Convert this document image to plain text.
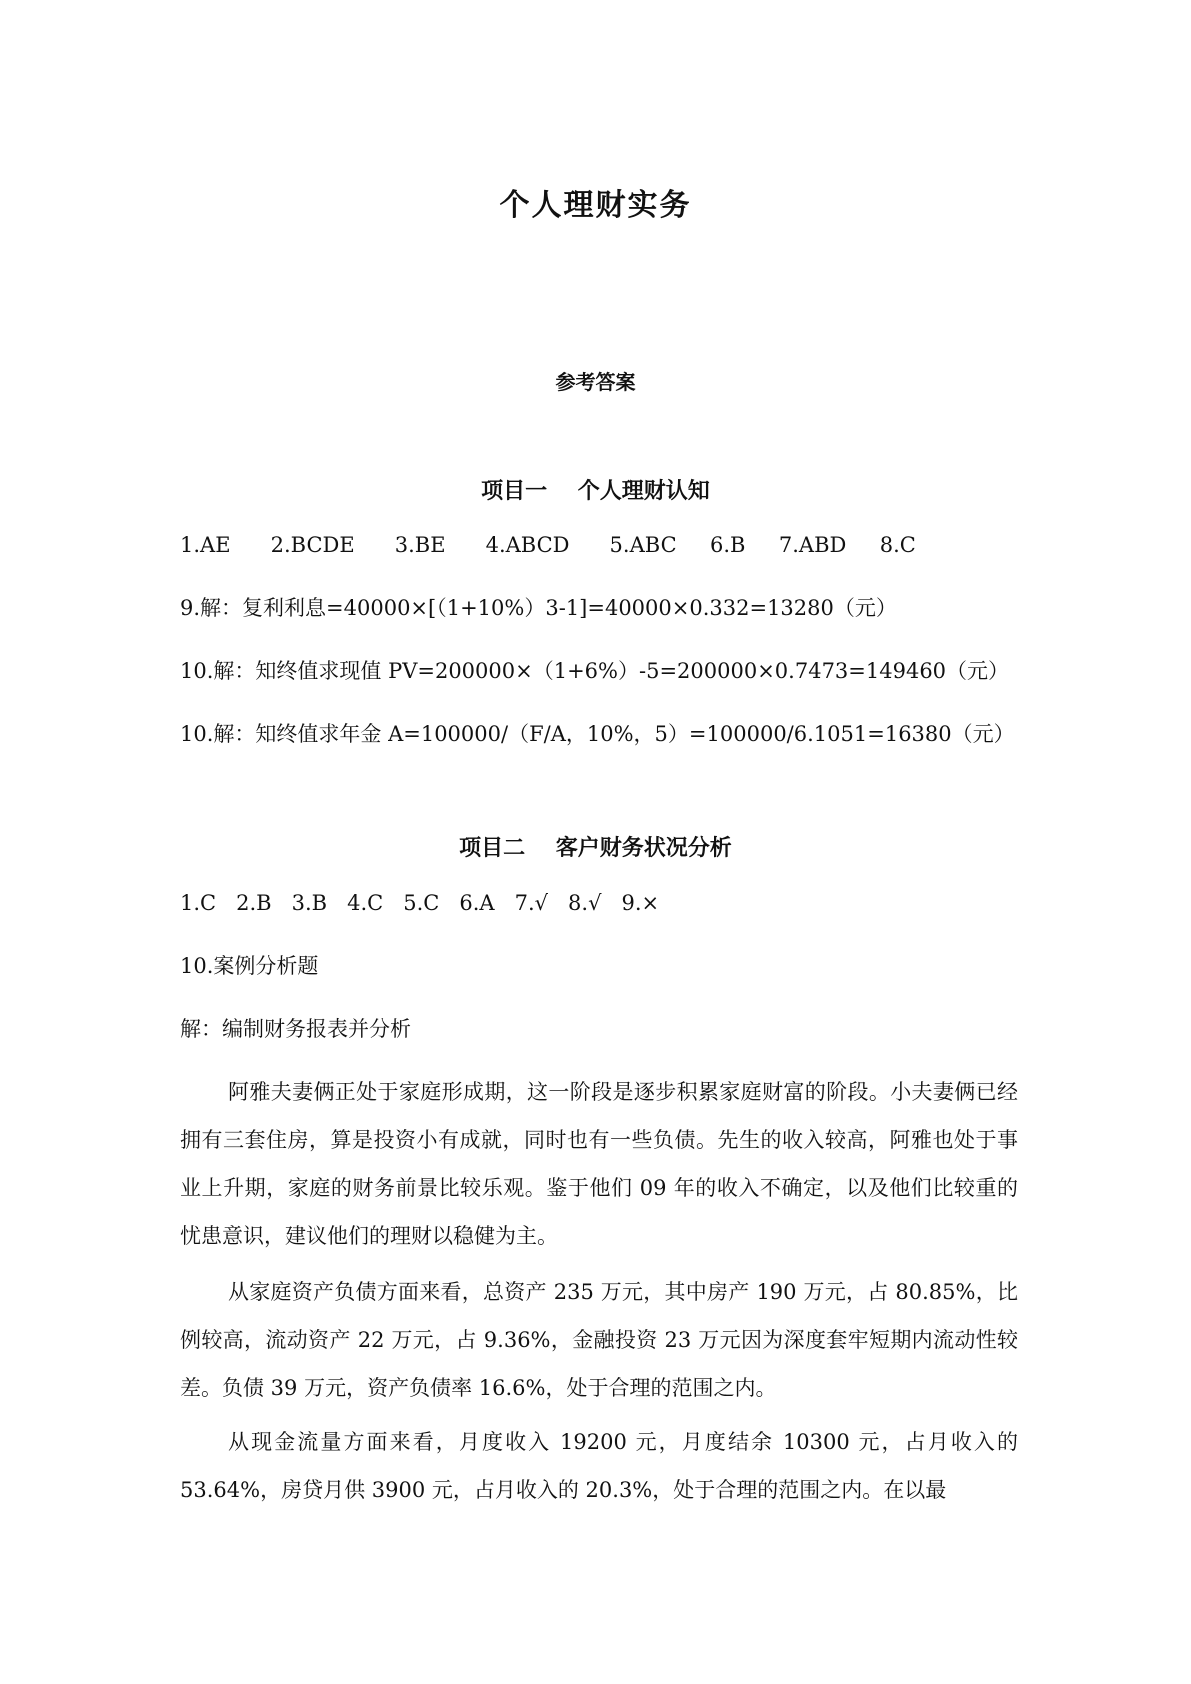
个人理财实务
参考答案
项目一    个人理财认知
1.AE      2.BCDE      3.BE      4.ABCD      5.ABC     6.B     7.ABD     8.C
9.解：复利利息=40000×[（1+10%）3-1]=40000×0.332=13280（元）
10.解：知终值求现值 PV=200000×（1+6%）-5=200000×0.7473=149460（元）
10.解：知终值求年金 A=100000/（F/A，10%，5）=100000/6.1051=16380（元）
项目二    客户财务状况分析
1.C   2.B   3.B   4.C   5.C   6.A   7.√   8.√   9.×
10.案例分析题
解：编制财务报表并分析

阿雅夫妻俩正处于家庭形成期，这一阶段是逐步积累家庭财富的阶段。小夫妻俩已经拥有三套住房，算是投资小有成就，同时也有一些负债。先生的收入较高，阿雅也处于事业上升期，家庭的财务前景比较乐观。鉴于他们 09 年的收入不确定，以及他们比较重的忧患意识，建议他们的理财以稳健为主。

从家庭资产负债方面来看，总资产 235 万元，其中房产 190 万元，占 80.85%，比例较高，流动资产 22 万元，占 9.36%，金融投资 23 万元因为深度套牢短期内流动性较差。负债 39 万元，资产负债率 16.6%，处于合理的范围之内。

从现金流量方面来看，月度收入 19200 元，月度结余 10300 元，占月收入的 53.64%，房贷月供 3900 元，占月收入的 20.3%，处于合理的范围之内。在以最
